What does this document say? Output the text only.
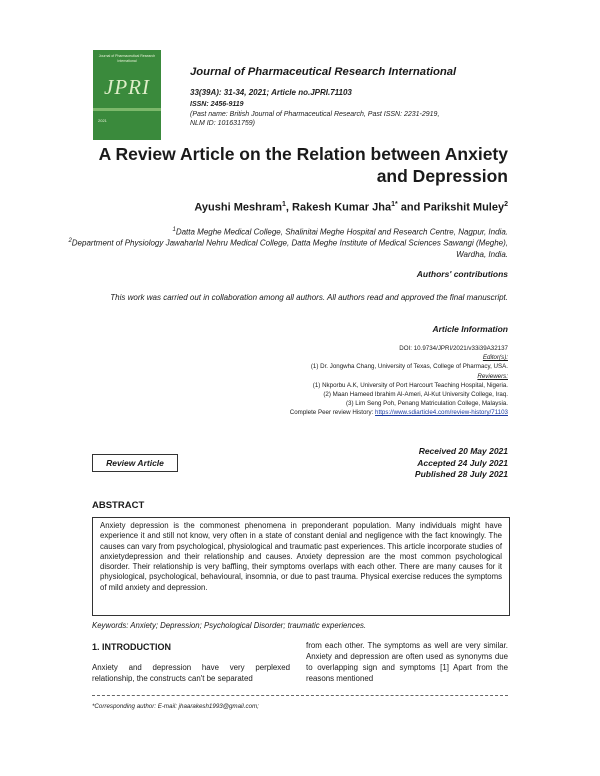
Journal of Pharmaceutical Research International
JPRI
2021
Journal of Pharmaceutical Research International
33(39A): 31-34, 2021; Article no.JPRI.71103
ISSN: 2456-9119
(Past name: British Journal of Pharmaceutical Research, Past ISSN: 2231-2919,
NLM ID: 101631759)
A Review Article on the Relation between Anxiety
and Depression
Ayushi Meshram$^1$, Rakesh Kumar Jha$^{1*}$ and Parikshit Muley$^2$
$^1$Datta Meghe Medical College, Shalinitai Meghe Hospital and Research Centre, Nagpur, India.
$^2$Department of Physiology Jawaharlal Nehru Medical College, Datta Meghe Institute of Medical Sciences Sawangi (Meghe), Wardha, India.
Authors' contributions
This work was carried out in collaboration among all authors. All authors read and approved the final manuscript.
Article Information
DOI: 10.9734/JPRI/2021/v33i39A32137
Editor(s):
(1) Dr. Jongwha Chang, University of Texas, College of Pharmacy, USA.
Reviewers:
(1) Nkporbu A.K, University of Port Harcourt Teaching Hospital, Nigeria.
(2) Maan Hameed Ibrahim Al-Ameri, Al-Kut University College, Iraq.
(3) Lim Seng Poh, Penang Matriculation College, Malaysia.
Complete Peer review History: https://www.sdiarticle4.com/review-history/71103
Review Article
Received 20 May 2021
Accepted 24 July 2021
Published 28 July 2021
ABSTRACT
Anxiety depression is the commonest phenomena in preponderant population. Many individuals might have experience it and still not know, very often in a state of constant denial and negligence with the fact knowingly. The causes can vary from psychological, physiological and traumatic past experiences. This article incorporate studies of anxietydepression and their relationship and causes. Anxiety depression are the most common psychological disorder. Their relationship is very baffling, their symptoms overlaps with each other. There are many causes for it physiological, psychological, behavioural, insomnia, or due to past trauma. Physical exercise reduces the symptoms of mild anxiety and depression.
Keywords: Anxiety; Depression; Psychological Disorder; traumatic experiences.
1. INTRODUCTION
Anxiety and depression have very perplexed relationship, the constructs can't be separated
from each other. The symptoms as well are very similar. Anxiety and depression are often used as synonyms due to overlapping sign and symptoms [1] Apart from the reasons mentioned
*Corresponding author: E-mail: jhaarakesh1993@gmail.com;
